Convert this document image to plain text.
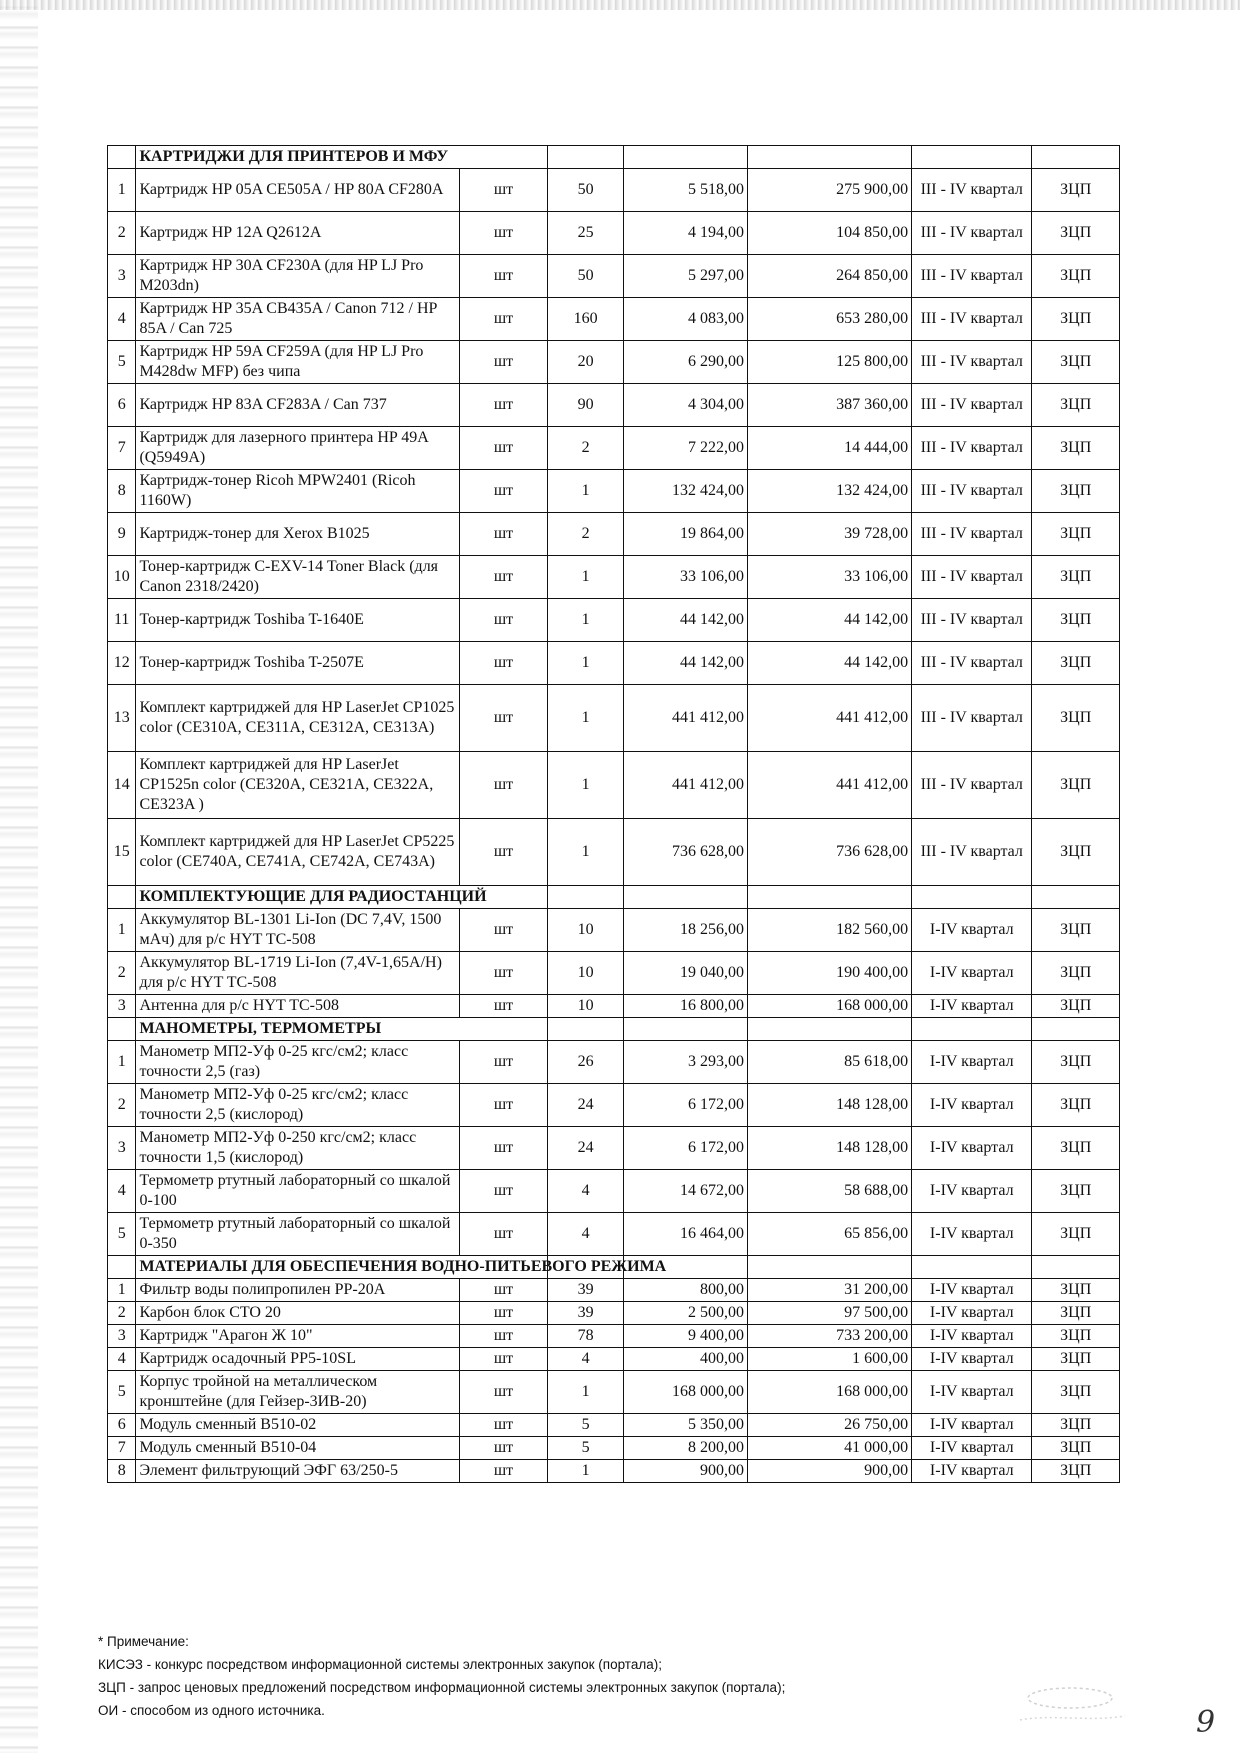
	КАРТРИДЖИ ДЛЯ ПРИНТЕРОВ И МФУ						
1	Картридж HP 05A CE505A / HP 80A CF280A	шт	50	5 518,00	275 900,00	III - IV квартал	ЗЦП
2	Картридж HP 12A Q2612A	шт	25	4 194,00	104 850,00	III - IV квартал	ЗЦП
3	Картридж HP 30A CF230A (для HP LJ Pro M203dn)	шт	50	5 297,00	264 850,00	III - IV квартал	ЗЦП
4	Картридж HP 35A CB435A / Canon 712 / HP 85A / Can 725	шт	160	4 083,00	653 280,00	III - IV квартал	ЗЦП
5	Картридж HP 59A CF259A (для HP LJ Pro M428dw MFP) без чипа	шт	20	6 290,00	125 800,00	III - IV квартал	ЗЦП
6	Картридж HP 83A CF283A / Can 737	шт	90	4 304,00	387 360,00	III - IV квартал	ЗЦП
7	Картридж для лазерного принтера HP 49A (Q5949A)	шт	2	7 222,00	14 444,00	III - IV квартал	ЗЦП
8	Картридж-тонер Ricoh MPW2401 (Ricoh 1160W)	шт	1	132 424,00	132 424,00	III - IV квартал	ЗЦП
9	Картридж-тонер для Xerox B1025	шт	2	19 864,00	39 728,00	III - IV квартал	ЗЦП
10	Тонер-картридж C-EXV-14 Toner Black (для Canon 2318/2420)	шт	1	33 106,00	33 106,00	III - IV квартал	ЗЦП
11	Тонер-картридж Toshiba T-1640E	шт	1	44 142,00	44 142,00	III - IV квартал	ЗЦП
12	Тонер-картридж Toshiba T-2507E	шт	1	44 142,00	44 142,00	III - IV квартал	ЗЦП
13	Комплект картриджей для HP LaserJet CP1025 color (CE310A, CE311A, CE312A, CE313A)	шт	1	441 412,00	441 412,00	III - IV квартал	ЗЦП
14	Комплект картриджей для HP LaserJet CP1525n color (CE320A, CE321A, CE322A, CE323A )	шт	1	441 412,00	441 412,00	III - IV квартал	ЗЦП
15	Комплект картриджей для HP LaserJet CP5225 color (CE740A, CE741A, CE742A, CE743A)	шт	1	736 628,00	736 628,00	III - IV квартал	ЗЦП
	КОМПЛЕКТУЮЩИЕ ДЛЯ РАДИОСТАНЦИЙ						
1	Аккумулятор BL-1301 Li-Ion (DC 7,4V, 1500 мАч) для р/с HYT TC-508	шт	10	18 256,00	182 560,00	I-IV квартал	ЗЦП
2	Аккумулятор BL-1719 Li-Ion (7,4V-1,65A/H) для р/с HYT TC-508	шт	10	19 040,00	190 400,00	I-IV квартал	ЗЦП
3	Антенна для р/с HYT TC-508	шт	10	16 800,00	168 000,00	I-IV квартал	ЗЦП
	МАНОМЕТРЫ, ТЕРМОМЕТРЫ						
1	Манометр МП2-Уф 0-25 кгс/см2; класс точности 2,5 (газ)	шт	26	3 293,00	85 618,00	I-IV квартал	ЗЦП
2	Манометр МП2-Уф 0-25 кгс/см2; класс точности 2,5 (кислород)	шт	24	6 172,00	148 128,00	I-IV квартал	ЗЦП
3	Манометр МП2-Уф 0-250 кгс/см2; класс точности 1,5 (кислород)	шт	24	6 172,00	148 128,00	I-IV квартал	ЗЦП
4	Термометр ртутный лабораторный со шкалой 0-100	шт	4	14 672,00	58 688,00	I-IV квартал	ЗЦП
5	Термометр ртутный лабораторный со шкалой 0-350	шт	4	16 464,00	65 856,00	I-IV квартал	ЗЦП
	МАТЕРИАЛЫ ДЛЯ ОБЕСПЕЧЕНИЯ ВОДНО-ПИТЬЕВОГО РЕЖИМА						
1	Фильтр воды полипропилен PP-20A	шт	39	800,00	31 200,00	I-IV квартал	ЗЦП
2	Карбон блок CTO 20	шт	39	2 500,00	97 500,00	I-IV квартал	ЗЦП
3	Картридж "Арагон Ж 10"	шт	78	9 400,00	733 200,00	I-IV квартал	ЗЦП
4	Картридж осадочный PP5-10SL	шт	4	400,00	1 600,00	I-IV квартал	ЗЦП
5	Корпус тройной на металлическом кронштейне (для Гейзер-3ИВ-20)	шт	1	168 000,00	168 000,00	I-IV квартал	ЗЦП
6	Модуль сменный B510-02	шт	5	5 350,00	26 750,00	I-IV квартал	ЗЦП
7	Модуль сменный B510-04	шт	5	8 200,00	41 000,00	I-IV квартал	ЗЦП
8	Элемент фильтрующий ЭФГ 63/250-5	шт	1	900,00	900,00	I-IV квартал	ЗЦП
* Примечание:
КИСЭЗ - конкурс посредством информационной системы электронных закупок (портала);
ЗЦП - запрос ценовых предложений посредством информационной системы электронных закупок (портала);
ОИ - способом из одного источника.	9
